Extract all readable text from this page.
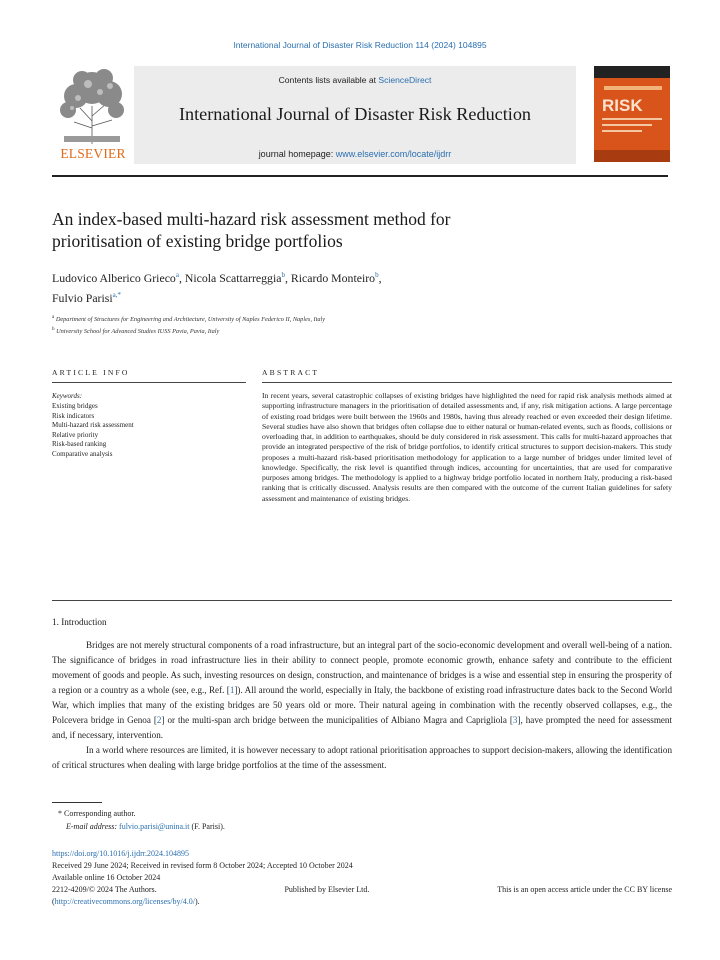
International Journal of Disaster Risk Reduction 114 (2024) 104895
ELSEVIER
Contents lists available at ScienceDirect
International Journal of Disaster Risk Reduction
journal homepage: www.elsevier.com/locate/ijdrr
RISK
An index-based multi-hazard risk assessment method for
prioritisation of existing bridge portfolios
Ludovico Alberico Grieco$^a$, Nicola Scattarreggia$^b$, Ricardo Monteiro$^b$,
Fulvio Parisi$^{a,*}$
$^a$ Department of Structures for Engineering and Architecture, University of Naples Federico II, Naples, Italy
$^b$ University School for Advanced Studies IUSS Pavia, Pavia, Italy
ARTICLE INFO
Keywords:
Existing bridges
Risk indicators
Multi-hazard risk assessment
Relative priority
Risk-based ranking
Comparative analysis
ABSTRACT
In recent years, several catastrophic collapses of existing bridges have highlighted the need for rapid risk analysis methods aimed at supporting infrastructure managers in the prioritisation of detailed assessments and, if any, risk mitigation actions. A large percentage of existing road bridges were built between the 1960s and 1980s, having thus already reached or even exceeded their design lifetime. Several studies have also shown that bridges often collapse due to either natural or human-related events, such as floods, collisions or overloading that, in addition to earthquakes, should be duly considered in risk assessment. This calls for multi-hazard approaches that provide an integrated perspective of the risk of bridge portfolios, to identify critical structures to support decision-makers. This study proposes a multi-hazard risk-based prioritisation methodology for application to a large number of bridges under limited level of knowledge. Specifically, the risk level is quantified through indices, accounting for uncertainties, that are used for comparative purposes among bridges. The methodology is applied to a highway bridge portfolio located in northern Italy, producing a risk-based ranking that is critically discussed. Analysis results are then compared with the outcome of the current Italian guidelines for safety assessment and maintenance of existing bridges.
1. Introduction

Bridges are not merely structural components of a road infrastructure, but an integral part of the socio-economic development and overall well-being of a nation. The significance of bridges in road infrastructure lies in their ability to connect people, promote economic growth, enhance safety and contribute to the efficient movement of goods and people. As such, investing resources on design, construction, and maintenance of bridges is a wise and essential step in ensuring the prosperity of a region or a country as a whole (see, e.g., Ref. [1]). All around the world, especially in Italy, the backbone of existing road infrastructure dates back to the Second World War, which implies that many of the existing bridges are 50 years old or more. Their natural ageing in combination with the recently observed collapses, e.g., the Polcevera bridge in Genoa [2] or the multi-span arch bridge between the municipalities of Albiano Magra and Caprigliola [3], have prompted the need for assessment and, if necessary, intervention.

In a world where resources are limited, it is however necessary to adopt rational prioritisation approaches to support decision-makers, allowing the identification of critical structures when dealing with large bridge portfolios at the time of the assessment.

* Corresponding author.
E-mail address: fulvio.parisi@unina.it (F. Parisi).
https://doi.org/10.1016/j.ijdrr.2024.104895
Received 29 June 2024; Received in revised form 8 October 2024; Accepted 10 October 2024
Available online 16 October 2024
2212-4209/© 2024 The Authors.	Published by Elsevier Ltd.	This is an open access article under the CC BY license
(http://creativecommons.org/licenses/by/4.0/).
